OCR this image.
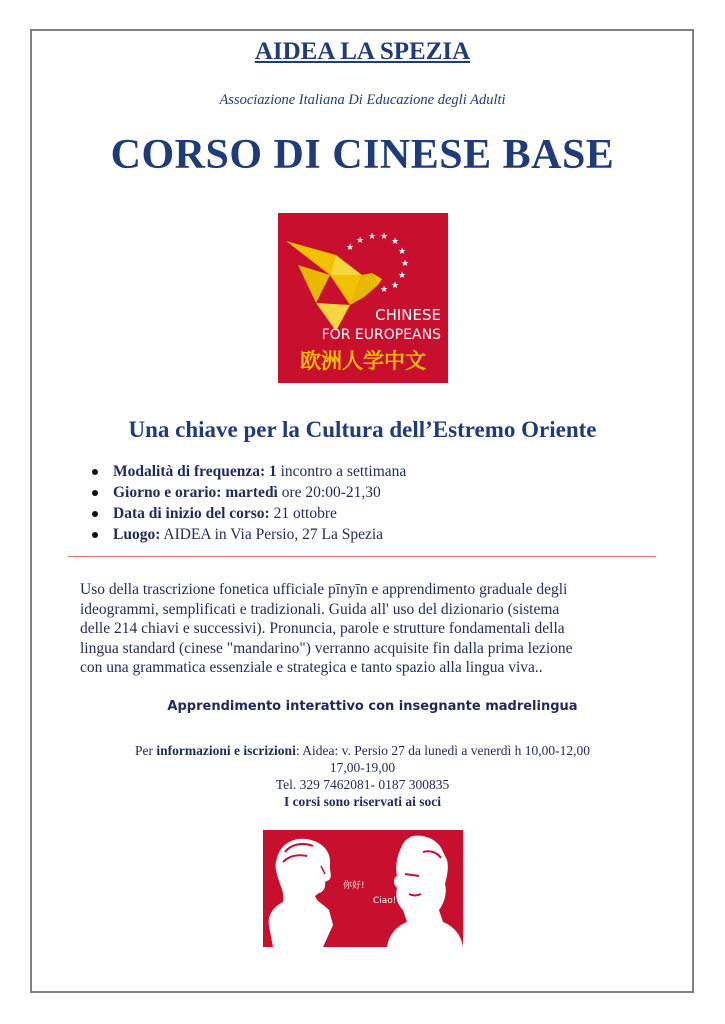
AIDEA LA SPEZIA
Associazione Italiana Di Educazione degli Adulti
CORSO DI CINESE BASE
★ ★ ★ ★
★
★
★
★
★
★
CHINESE
FOR EUROPEANS
欧洲人学中文
Una chiave per la Cultura dell’Estremo Oriente
Modalità di frequenza: 1 incontro a settimana
Giorno e orario: martedì ore 20:00-21,30
Data di inizio del corso: 21 ottobre
Luogo: AIDEA in Via Persio, 27 La Spezia
Uso della trascrizione fonetica ufficiale pīnyīn e apprendimento graduale degli
ideogrammi, semplificati e tradizionali. Guida all' uso del dizionario (sistema
delle 214 chiavi e successivi). Pronuncia, parole e strutture fondamentali della
lingua standard (cinese "mandarino") verranno acquisite fin dalla prima lezione
con una grammatica essenziale e strategica e tanto spazio alla lingua viva..
Apprendimento interattivo con insegnante madrelingua
Per informazioni e iscrizioni: Aidea: v. Persio 27 da lunedì a venerdì h 10,00-12,00
17,00-19,00
Tel. 329 7462081- 0187 300835
I corsi sono riservati ai soci
你好!
Ciao!
